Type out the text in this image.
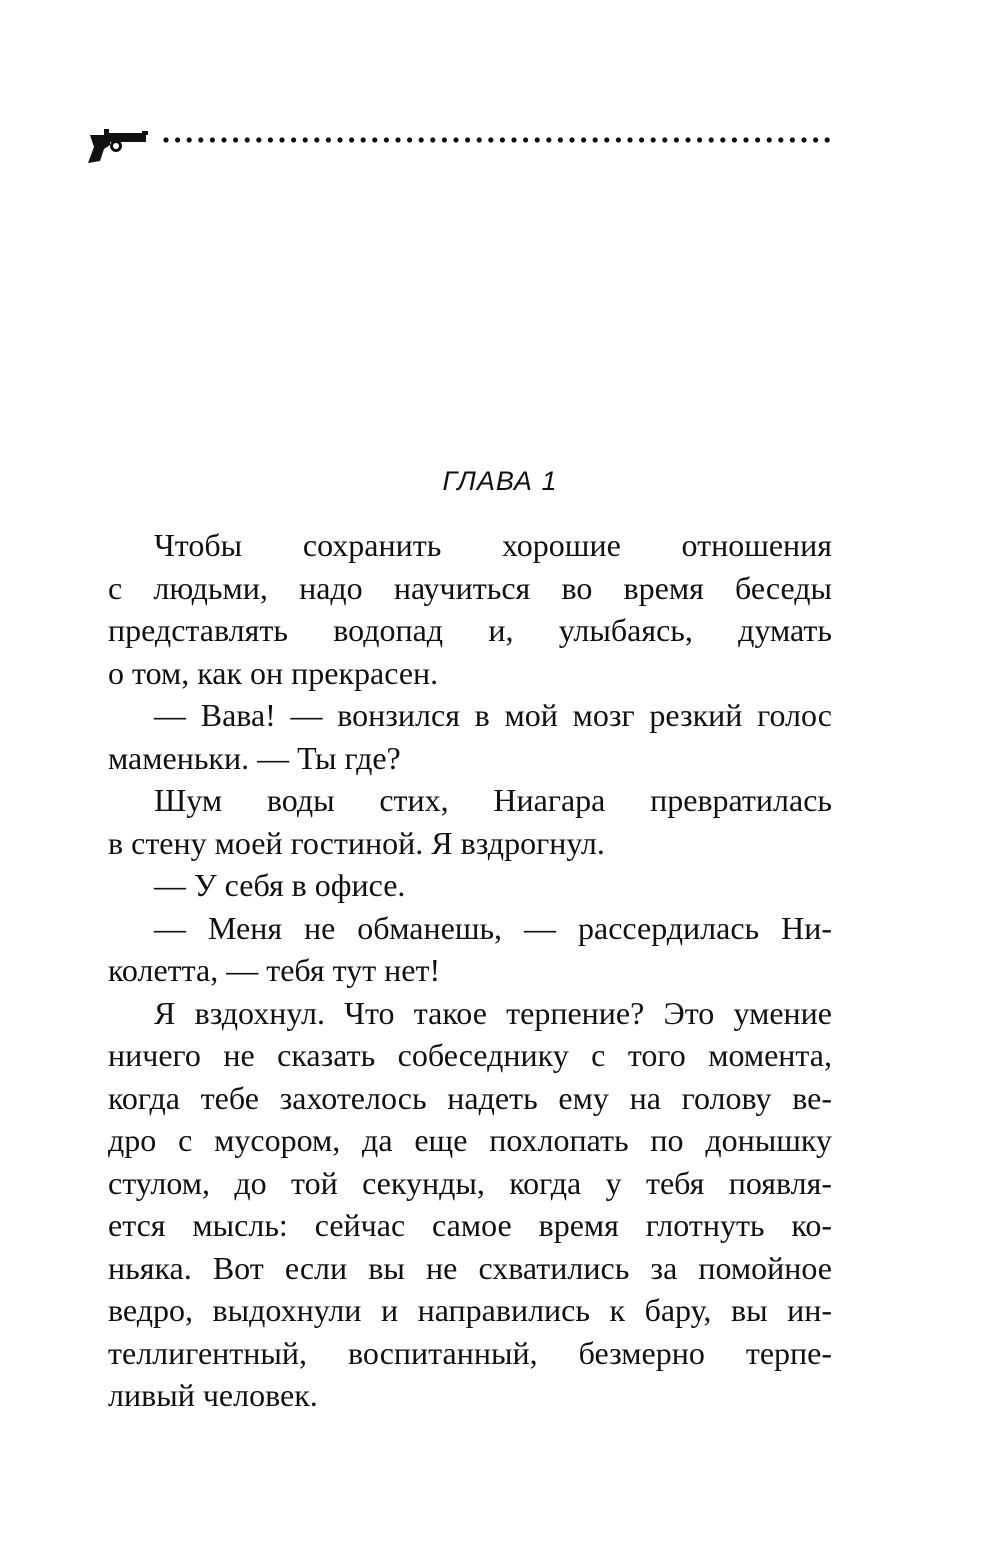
ГЛАВА 1

Чтобы сохранить хорошие отношения
с людьми, надо научиться во время беседы
представлять водопад и, улыбаясь, думать
о том, как он прекрасен.

— Вава! — вонзился в мой мозг резкий голос
маменьки. — Ты где?

Шум воды стих, Ниагара превратилась
в стену моей гостиной. Я вздрогнул.

— У себя в офисе.

— Меня не обманешь, — рассердилась Ни-
колетта, — тебя тут нет!

Я вздохнул. Что такое терпение? Это умение
ничего не сказать собеседнику с того момента,
когда тебе захотелось надеть ему на голову ве-
дро с мусором, да еще похлопать по донышку
стулом, до той секунды, когда у тебя появля-
ется мысль: сейчас самое время глотнуть ко-
ньяка. Вот если вы не схватились за помойное
ведро, выдохнули и направились к бару, вы ин-
теллигентный, воспитанный, безмерно терпе-
ливый человек.
